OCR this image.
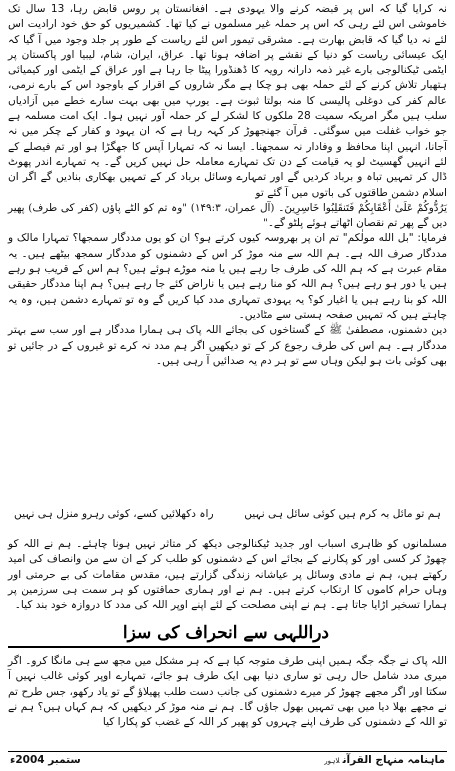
نہ کرایا گیا کہ اس پر قبضہ کرنے والا یہودی ہے۔ افغانستان پر روس قابض رہا، 13 سال تک خاموشی اس لئے رہی کہ اس پر حملہ غیر مسلموں نے کیا تھا۔ کشمیریوں کو حق خود ارادیت اس لئے نہ دیا گیا کہ قابض بھارت ہے۔ مشرقی تیمور اس لئے ریاست کے طور پر جلد وجود میں آ گیا کہ ایک عیسائی ریاست کو دنیا کے نقشے پر اضافہ ہونا تھا۔ عراق، ایران، شام، لیبیا اور پاکستان پر ایٹمی ٹیکنالوجی بارے غیر ذمہ دارانہ رویہ کا ڈھنڈورا پیٹا جا رہا ہے اور عراق کے ایٹمی اور کیمیائی ہتھیار تلاش کرنے کے لئے حملہ بھی ہو چکا ہے مگر شاروں کے اقرار کے باوجود اس کے بارے نرمی، عالم کفر کی دوغلی پالیسی کا منہ بولتا ثبوت ہے۔ یورپ میں بھی بہت سارے خطے میں آزادیاں سلب ہیں مگر امریکہ سمیت 28 ملکوں کا لشکر لے کر حملہ آور نہیں ہوا۔ ایک امت مسلمہ ہے جو خواب غفلت میں سوگئی۔ قرآن جھنجھوڑ کر کہہ رہا ہے کہ ان یہود و کفار کے چکر میں نہ آجانا، انہیں اپنا محافظ و وفادار نہ سمجھنا۔ ایسا نہ کہ تمہارا آپس کا جھگڑا ہو اور تم فیصلے کے لئے انہیں گھسیٹ لو یہ قیامت کے دن تک تمہارے معاملہ حل نہیں کریں گے۔ یہ تمہارے اندر پھوٹ ڈال کر تمہیں تباہ و برباد کردیں گے اور تمہارے وسائل برباد کر کے تمہیں بھکاری بنادیں گے اگر ان اسلام دشمن طاقتوں کی باتوں میں آ گئے تو

يَرُدُّوكُمْ عَلَىٰ أَعْقَابِكُمْ فَتَنقَلِبُوا خَاسِرِينَ۔ (آل عمران، ۱۴۹:۳) "وہ تم کو الٹے پاؤں (کفر کی طرف) پھیر دیں گے پھر تم نقصان اٹھاتے ہوئے پلٹو گے۔"

فرمایا: "بل الله مولٰكم" تم ان پر بھروسہ کیوں کرتے ہو؟ ان کو یوں مددگار سمجھا؟ تمہارا مالک و مددگار صرف اللہ ہے۔ ہم اللہ سے منہ موڑ کر اس کے دشمنوں کو مددگار سمجھ بیٹھے ہیں۔ یہ مقام عبرت ہے کہ ہم اللہ کی طرف جا رہے ہیں یا منہ موڑے ہوئے ہیں؟ ہم اس کے قریب ہو رہے ہیں یا دور ہو رہے ہیں؟ ہم اللہ کو منا رہے ہیں یا ناراض کئے جا رہے ہیں؟ ہم اپنا مددگار حقیقی اللہ کو بنا رہے ہیں یا اغیار کو؟ یہ یہودی تمہاری مدد کیا کریں گے وہ تو تمہارے دشمن ہیں، وہ یہ چاہتے ہیں کہ تمہیں صفحہ ہستی سے مٹادیں۔

دین دشمنوں، مصطفیٰ ﷺ کے گستاخوں کی بجائے اللہ پاک ہی ہمارا مددگار ہے اور سب سے بہتر مددگار ہے۔ ہم اس کی طرف رجوع کر کے تو دیکھیں اگر ہم مدد نہ کرے تو غیروں کے در جائیں تو بھی کوئی بات ہو لیکن وہاں سے تو ہر دم یہ صدائیں آ رہی ہیں۔

ہم تو مائل بہ کرم ہیں کوئی سائل ہی نہیں
راہ دکھلائیں کسے، کوئی رہرو منزل ہی نہیں

مسلمانوں کو ظاہری اسباب اور جدید ٹیکنالوجی دیکھ کر متاثر نہیں ہونا چاہئے۔ ہم نے اللہ کو چھوڑ کر کسی اور کو پکارنے کے بجائے اس کے دشمنوں کو طلب کر کے ان سے من وانصاف کی امید رکھتے ہیں، ہم نے مادی وسائل پر عیاشانہ زندگی گزارتے ہیں، مقدس مقامات کی بے حرمتی اور وہاں حرام کاموں کا ارتکاب کرتے ہیں۔ ہم نے اور ہماری حماقتوں کو ہر سمت ہی سرزمین پر ہمارا تسخیر اڑایا جاتا ہے۔ ہم نے اپنی مصلحت کے لئے اپنے اوپر اللہ کی مدد کا دروازہ خود بند کیا۔

دراللہی سے انحراف کی سزا

اللہ پاک نے جگہ جگہ ہمیں اپنی طرف متوجہ کیا ہے کہ ہر مشکل میں مجھ سے ہی مانگا کرو۔ اگر میری مدد شامل حال رہی تو ساری دنیا بھی ایک طرف ہو جائے، تمہارے اوپر کوئی غالب نہیں آ سکتا اور اگر مجھے چھوڑ کر میرے دشمنوں کی جانب دست طلب پھیلاؤ گے تو یاد رکھو، جس طرح تم نے مجھے بھلا دیا میں بھی تمہیں بھول جاؤں گا۔ ہم نے منہ موڑ کر دیکھیں کہ ہم کہاں ہیں؟ ہم نے تو اللہ کے دشمنوں کی طرف اپنے چہروں کو پھیر کر اللہ کے غضب کو پکارا کیا

ماہنامہ منہاج القرآنلاہور
ستمبر 2004ء
